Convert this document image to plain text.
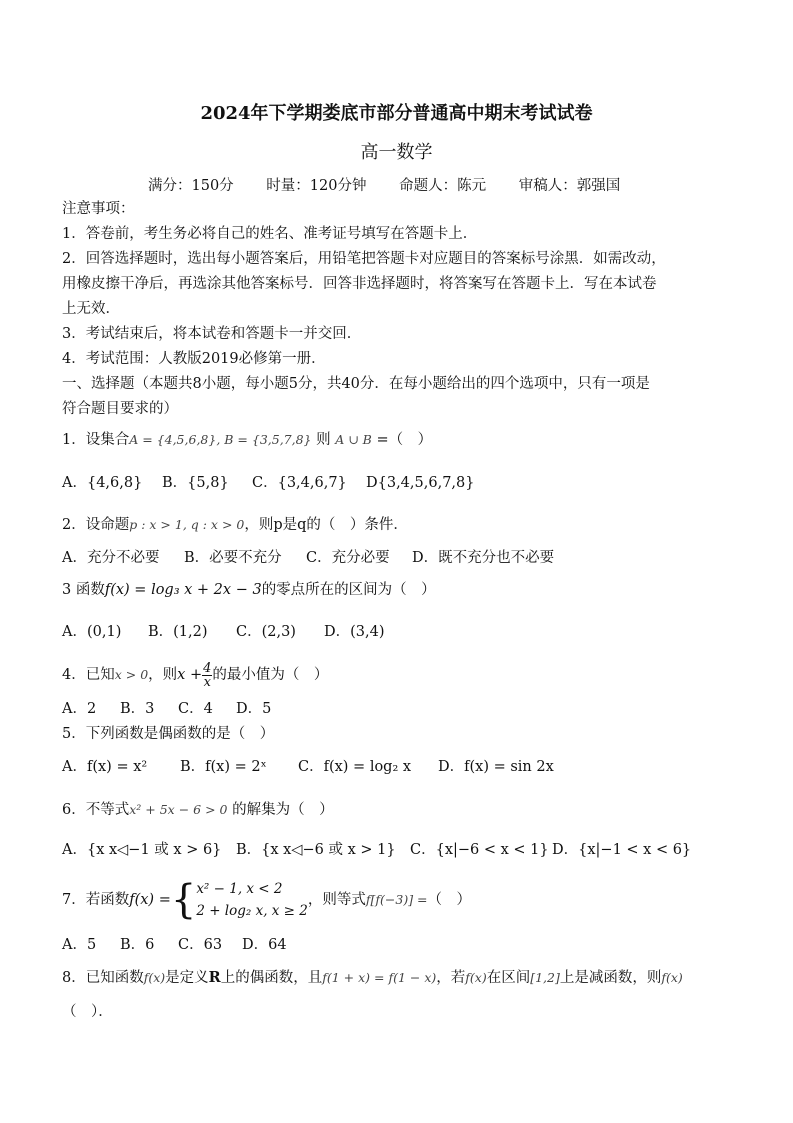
2024年下学期娄底市部分普通高中期末考试试卷
高一数学
满分：150分 时量：120分钟 命题人：陈元 审稿人：郭强国
注意事项：
1．答卷前，考生务必将自己的姓名、准考证号填写在答题卡上．
2．回答选择题时，选出每小题答案后，用铅笔把答题卡对应题目的答案标号涂黑．如需改动，
用橡皮擦干净后，再选涂其他答案标号．回答非选择题时，将答案写在答题卡上．写在本试卷
上无效．
3．考试结束后，将本试卷和答题卡一并交回．
4．考试范围：人教版2019必修第一册．
一、选择题（本题共8小题，每小题5分，共40分．在每小题给出的四个选项中，只有一项是
符合题目要求的）
1．设集合A = {4,5,6,8}, B = {3,5,7,8} 则 A ∪ B =（　）
A．{4,6,8} B．{5,8} C．{3,4,6,7} D{3,4,5,6,7,8}
2．设命题p : x > 1, q : x > 0，则p是q的（　）条件．
A．充分不必要 B．必要不充分 C．充分必要 D．既不充分也不必要
3 函数f(x) = log₃ x + 2x − 3的零点所在的区间为（　）
A．(0,1) B．(1,2) C．(2,3) D．(3,4)
4．已知x > 0，则$x + \frac{4}{x}$ 的最小值为（　）
A．2 B．3 C．4 D．5
5．下列函数是偶函数的是（　）
A．f(x) = x² B．f(x) = 2ˣ C．f(x) = log₂ x D．f(x) = sin 2x
6．不等式x² + 5x − 6 > 0 的解集为（　）
A．{x x◁−1 或 x > 6} B．{x x◁−6 或 x > 1} C．{x|−6 < x < 1} D．{x|−1 < x < 6}
7．若函数f(x) ={ x² − 1, x < 2
2 + log₂ x, x ≥ 2
，则等式f[f(−3)] =（　）
A．5 B．6 C．63 D．64
8．已知函数f(x)是定义R上的偶函数，且f(1 + x) = f(1 − x)，若f(x)在区间[1,2]上是减函数，则f(x)
（　）．
